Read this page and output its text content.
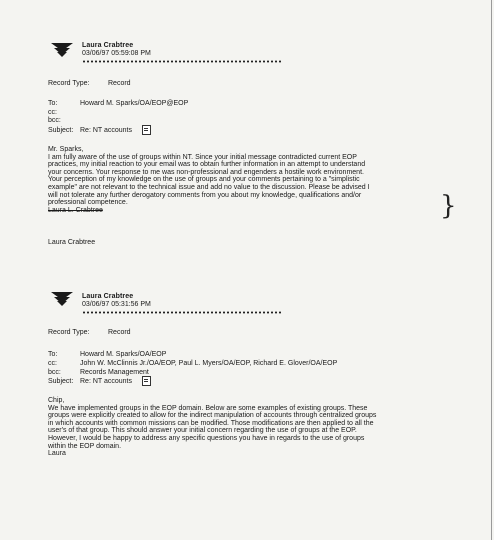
Laura Crabtree
03/06/97 05:59:08 PM
Record Type:	Record
To:	Howard M. Sparks/OA/EOP@EOP
cc:
bcc:
Subject: Re: NT accounts
Mr. Sparks,
I am fully aware of the use of groups within NT. Since your initial message contradicted current EOP
practices, my initial reaction to your email was to obtain further information in an attempt to understand
your concerns. Your response to me was non-professional and engenders a hostile work environment.
Your perception of my knowledge on the use of groups and your comments pertaining to a "simplistic
example" are not relevant to the technical issue and add no value to the discussion. Please be advised I
will not tolerate any further derogatory comments from you about my knowledge, qualifications and/or
professional competence.
Laura L. Crabtree	}
Laura Crabtree
Laura Crabtree
03/06/97 05:31:56 PM
Record Type:	Record
To:	Howard M. Sparks/OA/EOP
cc:	John W. McClinnis Jr./OA/EOP, Paul L. Myers/OA/EOP, Richard E. Glover/OA/EOP
bcc:	Records Management
Subject: Re: NT accounts
Chip,
We have implemented groups in the EOP domain. Below are some examples of existing groups. These
groups were explicitly created to allow for the indirect manipulation of accounts through centralized groups
in which accounts with common missions can be modified. Those modifications are then applied to all the
user's of that group. This should answer your initial concern regarding the use of groups at the EOP.
However, I would be happy to address any specific questions you have in regards to the use of groups
within the EOP domain.
Laura
